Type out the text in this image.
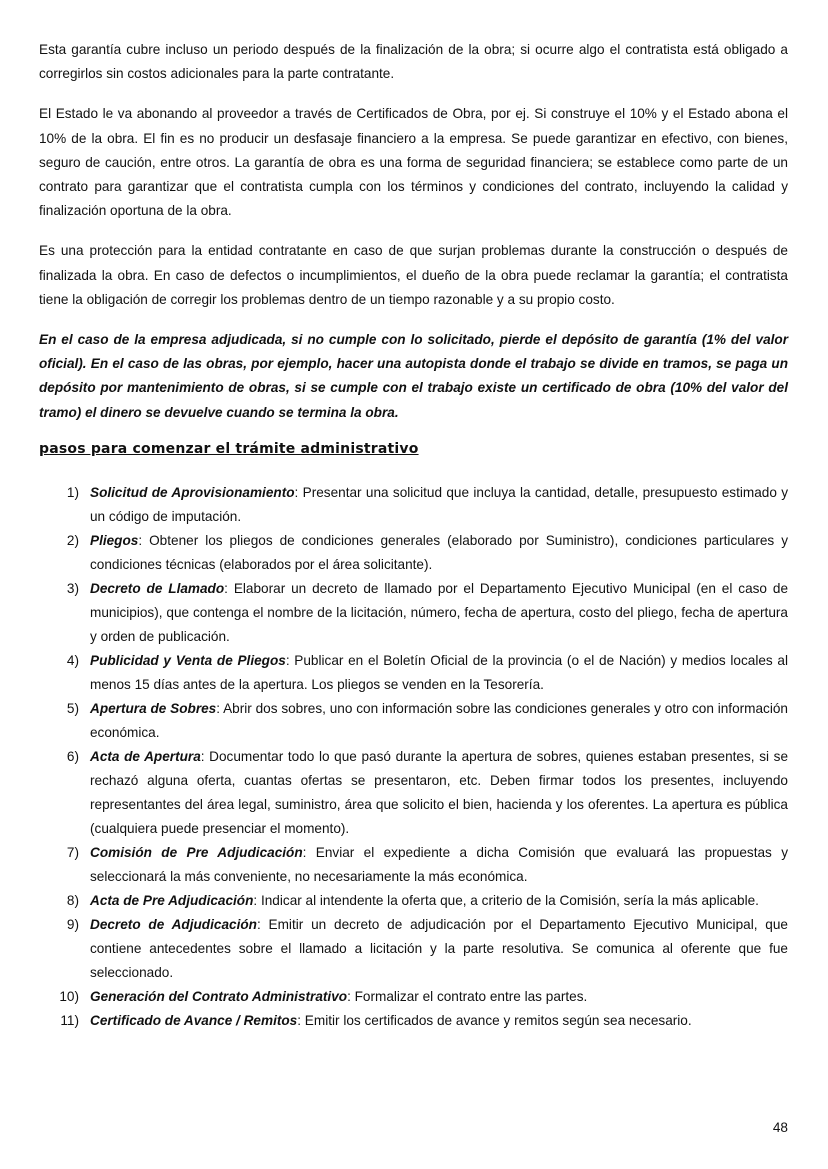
Esta garantía cubre incluso un periodo después de la finalización de la obra; si ocurre algo el contratista está obligado a corregirlos sin costos adicionales para la parte contratante.

El Estado le va abonando al proveedor a través de Certificados de Obra, por ej. Si construye el 10% y el Estado abona el 10% de la obra. El fin es no producir un desfasaje financiero a la empresa. Se puede garantizar en efectivo, con bienes, seguro de caución, entre otros. La garantía de obra es una forma de seguridad financiera; se establece como parte de un contrato para garantizar que el contratista cumpla con los términos y condiciones del contrato, incluyendo la calidad y finalización oportuna de la obra.

Es una protección para la entidad contratante en caso de que surjan problemas durante la construcción o después de finalizada la obra. En caso de defectos o incumplimientos, el dueño de la obra puede reclamar la garantía; el contratista tiene la obligación de corregir los problemas dentro de un tiempo razonable y a su propio costo.

En el caso de la empresa adjudicada, si no cumple con lo solicitado, pierde el depósito de garantía (1% del valor oficial). En el caso de las obras, por ejemplo, hacer una autopista donde el trabajo se divide en tramos, se paga un depósito por mantenimiento de obras, si se cumple con el trabajo existe un certificado de obra (10% del valor del tramo) el dinero se devuelve cuando se termina la obra.

pasos para comenzar el trámite administrativo
1) Solicitud de Aprovisionamiento: Presentar una solicitud que incluya la cantidad, detalle, presupuesto estimado y un código de imputación.
2) Pliegos: Obtener los pliegos de condiciones generales (elaborado por Suministro), condiciones particulares y condiciones técnicas (elaborados por el área solicitante).
3) Decreto de Llamado: Elaborar un decreto de llamado por el Departamento Ejecutivo Municipal (en el caso de municipios), que contenga el nombre de la licitación, número, fecha de apertura, costo del pliego, fecha de apertura y orden de publicación.
4) Publicidad y Venta de Pliegos: Publicar en el Boletín Oficial de la provincia (o el de Nación) y medios locales al menos 15 días antes de la apertura. Los pliegos se venden en la Tesorería.
5) Apertura de Sobres: Abrir dos sobres, uno con información sobre las condiciones generales y otro con información económica.
6) Acta de Apertura: Documentar todo lo que pasó durante la apertura de sobres, quienes estaban presentes, si se rechazó alguna oferta, cuantas ofertas se presentaron, etc. Deben firmar todos los presentes, incluyendo representantes del área legal, suministro, área que solicito el bien, hacienda y los oferentes. La apertura es pública (cualquiera puede presenciar el momento).
7) Comisión de Pre Adjudicación: Enviar el expediente a dicha Comisión que evaluará las propuestas y seleccionará la más conveniente, no necesariamente la más económica.
8) Acta de Pre Adjudicación: Indicar al intendente la oferta que, a criterio de la Comisión, sería la más aplicable.
9) Decreto de Adjudicación: Emitir un decreto de adjudicación por el Departamento Ejecutivo Municipal, que contiene antecedentes sobre el llamado a licitación y la parte resolutiva. Se comunica al oferente que fue seleccionado.
10) Generación del Contrato Administrativo: Formalizar el contrato entre las partes.
11) Certificado de Avance / Remitos: Emitir los certificados de avance y remitos según sea necesario.
48
